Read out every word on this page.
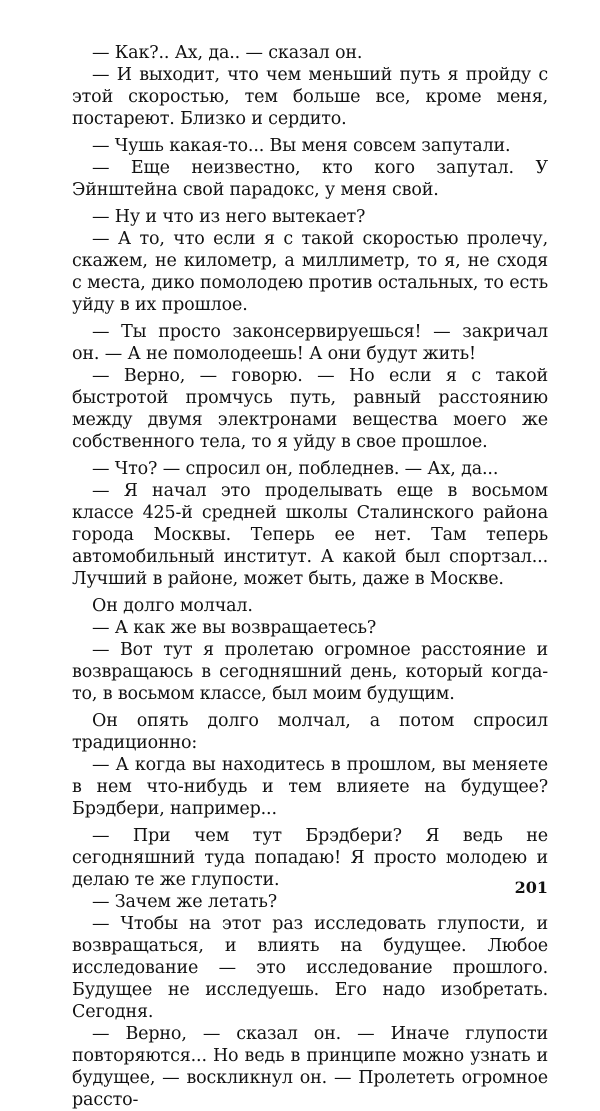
— Как?.. Ах, да.. — сказал он.

— И выходит, что чем меньший путь я пройду с этой скоростью, тем больше все, кроме меня, постареют. Близко и сердито.

— Чушь какая-то... Вы меня совсем запутали.

— Еще неизвестно, кто кого запутал. У Эйнштейна свой парадокс, у меня свой.

— Ну и что из него вытекает?

— А то, что если я с такой скоростью пролечу, скажем, не километр, а миллиметр, то я, не сходя с места, дико помолодею против остальных, то есть уйду в их прошлое.

— Ты просто законсервируешься! — закричал он. — А не помолодеешь! А они будут жить!

— Верно, — говорю. — Но если я с такой быстротой промчусь путь, равный расстоянию между двумя электронами вещества моего же собственного тела, то я уйду в свое прошлое.

— Что? — спросил он, побледнев. — Ах, да...

— Я начал это проделывать еще в восьмом классе 425-й средней школы Сталинского района города Москвы. Теперь ее нет. Там теперь автомобильный институт. А какой был спортзал... Лучший в районе, может быть, даже в Москве.

Он долго молчал.

— А как же вы возвращаетесь?

— Вот тут я пролетаю огромное расстояние и возвращаюсь в сегодняшний день, который когда-то, в восьмом классе, был моим будущим.

Он опять долго молчал, а потом спросил традиционно:

— А когда вы находитесь в прошлом, вы меняете в нем что-нибудь и тем влияете на будущее? Брэдбери, например...

— При чем тут Брэдбери? Я ведь не сегодняшний туда попадаю! Я просто молодею и делаю те же глупости.

— Зачем же летать?

— Чтобы на этот раз исследовать глупости, и возвращаться, и влиять на будущее. Любое исследование — это исследование прошлого. Будущее не исследуешь. Его надо изобретать. Сегодня.

— Верно, — сказал он. — Иначе глупости повторяются... Но ведь в принципе можно узнать и будущее, — воскликнул он. — Пролететь огромное рассто-

201
